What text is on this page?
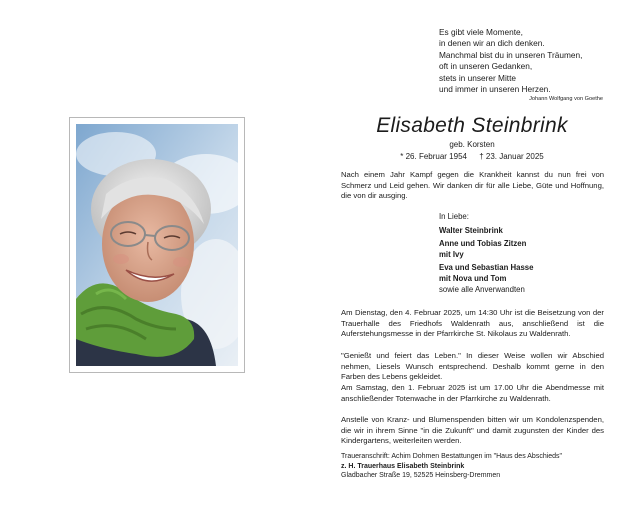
Es gibt viele Momente,
in denen wir an dich denken.
Manchmal bist du in unseren Träumen,
oft in unseren Gedanken,
stets in unserer Mitte
und immer in unseren Herzen.
Johann Wolfgang von Goethe
Elisabeth Steinbrink
geb. Korsten
* 26. Februar 1954 † 23. Januar 2025
Nach einem Jahr Kampf gegen die Krankheit kannst du nun frei von Schmerz und Leid gehen. Wir danken dir für alle Liebe, Güte und Hoffnung, die von dir ausging.
In Liebe:
Walter Steinbrink
Anne und Tobias Zitzen
mit Ivy
Eva und Sebastian Hasse
mit Nova und Tom
sowie alle Anverwandten
Am Dienstag, den 4. Februar 2025, um 14:30 Uhr ist die Beisetzung von der Trauerhalle des Friedhofs Waldenrath aus, anschließend ist die Auferstehungsmesse in der Pfarrkirche St. Nikolaus zu Waldenrath.
"Genießt und feiert das Leben." In dieser Weise wollen wir Abschied nehmen, Liesels Wunsch entsprechend. Deshalb kommt gerne in den Farben des Lebens gekleidet.
Am Samstag, den 1. Februar 2025 ist um 17.00 Uhr die Abendmesse mit anschließender Totenwache in der Pfarrkirche zu Waldenrath.
Anstelle von Kranz- und Blumenspenden bitten wir um Kondolenzspenden, die wir in ihrem Sinne "in die Zukunft" und damit zugunsten der Kinder des Kindergartens, weiterleiten werden.
Traueranschrift: Achim Dohmen Bestattungen im "Haus des Abschieds"
z. H. Trauerhaus Elisabeth Steinbrink
Gladbacher Straße 19, 52525 Heinsberg-Dremmen
